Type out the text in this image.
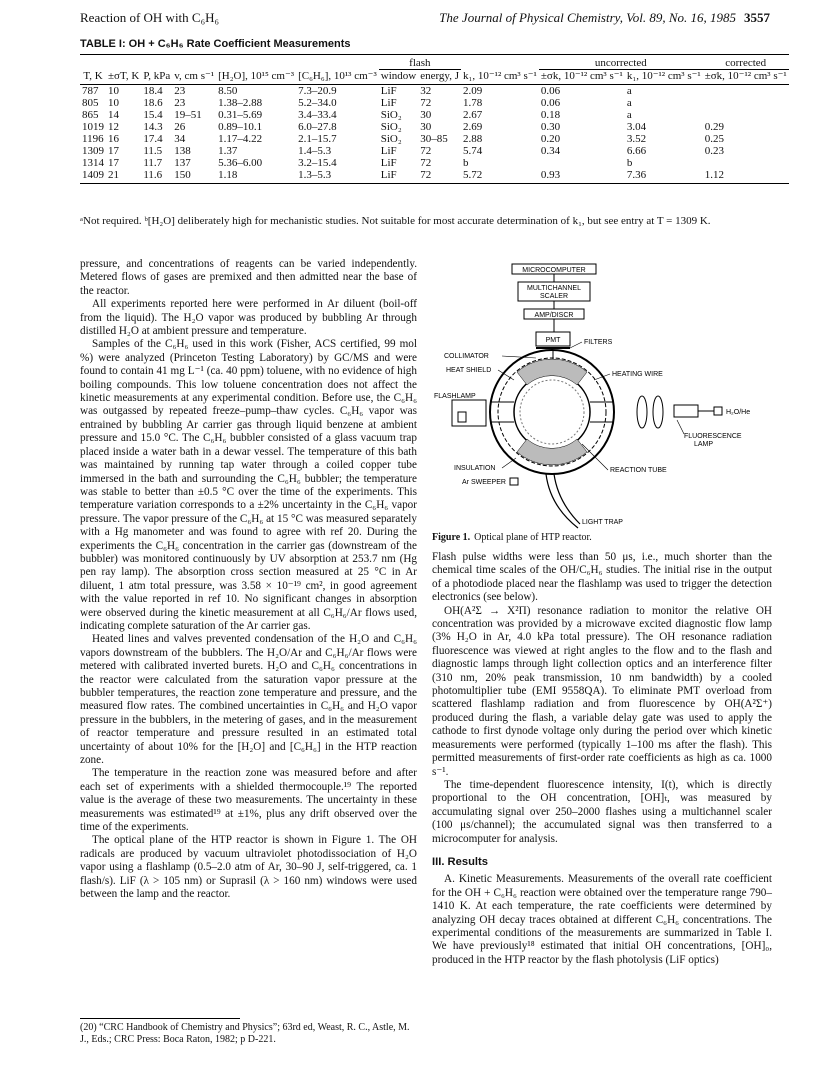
Reaction of OH with C₆H₆	The Journal of Physical Chemistry, Vol. 89, No. 16, 1985 3557
TABLE I: OH + C₆H₆ Rate Coefficient Measurements
						flash			uncorrected		corrected
T, K	±σT, K	P, kPa	v, cm s⁻¹	[H₂O], 10¹⁵ cm⁻³	[C₆H₆], 10¹³ cm⁻³	window	energy, J	k₁, 10⁻¹² cm³ s⁻¹	±σk, 10⁻¹² cm³ s⁻¹	k₁, 10⁻¹² cm³ s⁻¹	±σk, 10⁻¹² cm³ s⁻¹
787	10	18.4	23	8.50	7.3–20.9	LiF	32	2.09	0.06	a	
805	10	18.6	23	1.38–2.88	5.2–34.0	LiF	72	1.78	0.06	a	
865	14	15.4	19–51	0.31–5.69	3.4–33.4	SiO₂	30	2.67	0.18	a	
1019	12	14.3	26	0.89–10.1	6.0–27.8	SiO₂	30	2.69	0.30	3.04	0.29
1196	16	17.4	34	1.17–4.22	2.1–15.7	SiO₂	30–85	2.88	0.20	3.52	0.25
1309	17	11.5	138	1.37	1.4–5.3	LiF	72	5.74	0.34	6.66	0.23
1314	17	11.7	137	5.36–6.00	3.2–15.4	LiF	72	b		b	
1409	21	11.6	150	1.18	1.3–5.3	LiF	72	5.72	0.93	7.36	1.12
ᵃNot required. ᵇ[H₂O] deliberately high for mechanistic studies. Not suitable for most accurate determination of k₁, but see entry at T = 1309 K.

pressure, and concentrations of reagents can be varied independently. Metered flows of gases are premixed and then admitted near the base of the reactor.

All experiments reported here were performed in Ar diluent (boil-off from the liquid). The H₂O vapor was produced by bubbling Ar through distilled H₂O at ambient pressure and temperature.

Samples of the C₆H₆ used in this work (Fisher, ACS certified, 99 mol %) were analyzed (Princeton Testing Laboratory) by GC/MS and were found to contain 41 mg L⁻¹ (ca. 40 ppm) toluene, with no evidence of high boiling compounds. This low toluene concentration does not affect the kinetic measurements at any experimental condition. Before use, the C₆H₆ was outgassed by repeated freeze–pump–thaw cycles. C₆H₆ vapor was entrained by bubbling Ar carrier gas through liquid benzene at ambient pressure and 15.0 °C. The C₆H₆ bubbler consisted of a glass vacuum trap placed inside a water bath in a dewar vessel. The temperature of this bath was maintained by running tap water through a coiled copper tube immersed in the bath and surrounding the C₆H₆ bubbler; the temperature was stable to better than ±0.5 °C over the time of the experiments. This temperature variation corresponds to a ±2% uncertainty in the C₆H₆ vapor pressure. The vapor pressure of the C₆H₆ at 15 °C was measured separately with a Hg manometer and was found to agree with ref 20. During the experiments the C₆H₆ concentration in the carrier gas (downstream of the bubbler) was monitored continuously by UV absorption at 253.7 nm (Hg pen ray lamp). The absorption cross section measured at 25 °C in Ar diluent, 1 atm total pressure, was 3.58 × 10⁻¹⁹ cm², in good agreement with the value reported in ref 10. No significant changes in absorption were observed during the kinetic measurement at all C₆H₆/Ar flows used, indicating complete saturation of the Ar carrier gas.

Heated lines and valves prevented condensation of the H₂O and C₆H₆ vapors downstream of the bubblers. The H₂O/Ar and C₆H₆/Ar flows were metered with calibrated inverted burets. H₂O and C₆H₆ concentrations in the reactor were calculated from the saturation vapor pressure at the bubbler temperatures, the reaction zone temperature and pressure, and the measured flow rates. The combined uncertainties in C₆H₆ and H₂O vapor pressure in the bubblers, in the metering of gases, and in the measurement of reactor temperature and pressure resulted in an estimated total uncertainty of about 10% for the [H₂O] and [C₆H₆] in the HTP reaction zone.

The temperature in the reaction zone was measured before and after each set of experiments with a shielded thermocouple.¹⁹ The reported value is the average of these two measurements. The uncertainty in these measurements was estimated¹⁹ at ±1%, plus any drift observed over the time of the experiments.

The optical plane of the HTP reactor is shown in Figure 1. The OH radicals are produced by vacuum ultraviolet photodissociation of H₂O vapor using a flashlamp (0.5–2.0 atm of Ar, 30–90 J, self-triggered, ca. 1 flash/s). LiF (λ > 105 nm) or Suprasil (λ > 160 nm) windows were used between the lamp and the reactor.

(20) “CRC Handbook of Chemistry and Physics”; 63rd ed, Weast, R. C., Astle, M. J., Eds.; CRC Press: Boca Raton, 1982; p D-221.
MICROCOMPUTER
MULTICHANNEL
SCALER
AMP/DISCR
PMT
FLASHLAMP
H₂O/He
FLUORESCENCE
LAMP
LIGHT TRAP
COLLIMATOR
FILTERS
HEAT SHIELD
HEATING WIRE
INSULATION
Ar SWEEPER
REACTION TUBE
Figure 1. Optical plane of HTP reactor.

Flash pulse widths were less than 50 μs, i.e., much shorter than the chemical time scales of the OH/C₆H₆ studies. The initial rise in the output of a photodiode placed near the flashlamp was used to trigger the detection electronics (see below).

OH(A²Σ → X²Π) resonance radiation to monitor the relative OH concentration was provided by a microwave excited diagnostic flow lamp (3% H₂O in Ar, 4.0 kPa total pressure). The OH resonance radiation fluorescence was viewed at right angles to the flow and to the flash and diagnostic lamps through light collection optics and an interference filter (310 nm, 20% peak transmission, 10 nm bandwidth) by a cooled photomultiplier tube (EMI 9558QA). To eliminate PMT overload from scattered flashlamp radiation and from fluorescence by OH(A²Σ⁺) produced during the flash, a variable delay gate was used to apply the cathode to first dynode voltage only during the period over which kinetic measurements were performed (typically 1–100 ms after the flash). This permitted measurements of first-order rate coefficients as high as ca. 1000 s⁻¹.

The time-dependent fluorescence intensity, I(t), which is directly proportional to the OH concentration, [OH]ₜ, was measured by accumulating signal over 250–2000 flashes using a multichannel scaler (100 μs/channel); the accumulated signal was then transferred to a microcomputer for analysis.

III. Results

A. Kinetic Measurements. Measurements of the overall rate coefficient for the OH + C₆H₆ reaction were obtained over the temperature range 790–1410 K. At each temperature, the rate coefficients were determined by analyzing OH decay traces obtained at different C₆H₆ concentrations. The experimental conditions of the measurements are summarized in Table I. We have previously¹⁸ estimated that initial OH concentrations, [OH]₀, produced in the HTP reactor by the flash photolysis (LiF optics)
